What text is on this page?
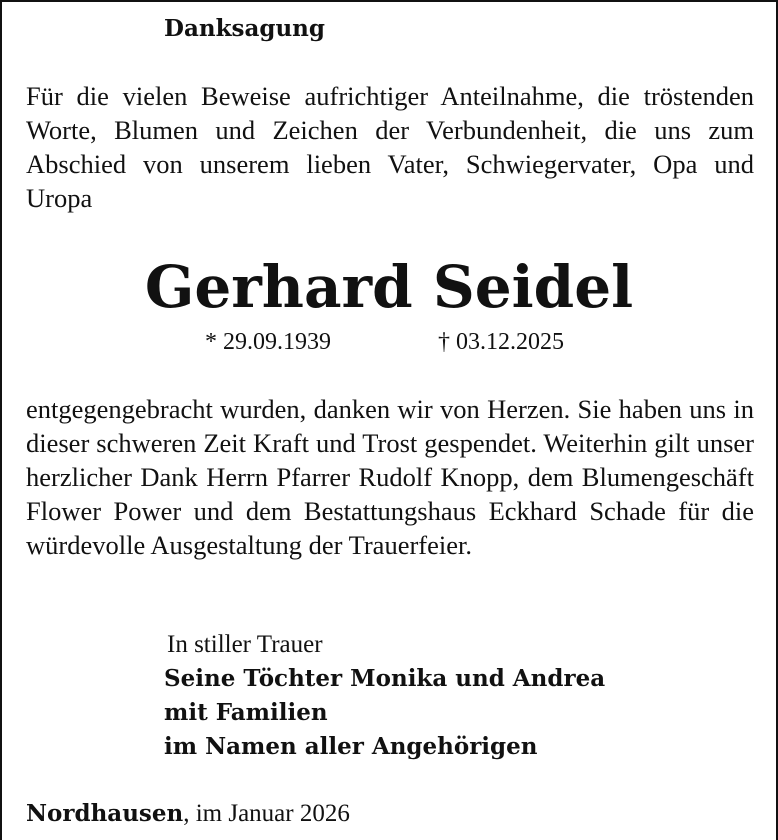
Danksagung

Für die vielen Beweise aufrichtiger Anteilnahme, die tröstenden Worte, Blumen und Zeichen der Verbundenheit, die uns zum Abschied von unserem lieben Vater, Schwiegervater, Opa und Uropa

Gerhard Seidel

* 29.09.1939	† 03.12.2025

entgegengebracht wurden, danken wir von Herzen. Sie haben uns in dieser schweren Zeit Kraft und Trost gespendet. Weiterhin gilt unser herzlicher Dank Herrn Pfarrer Rudolf Knopp, dem Blumengeschäft Flower Power und dem Bestattungshaus Eckhard Schade für die würdevolle Ausgestaltung der Trauerfeier.

In stiller Trauer
Seine Töchter Monika und Andrea
mit Familien
im Namen aller Angehörigen

Nordhausen, im Januar 2026
